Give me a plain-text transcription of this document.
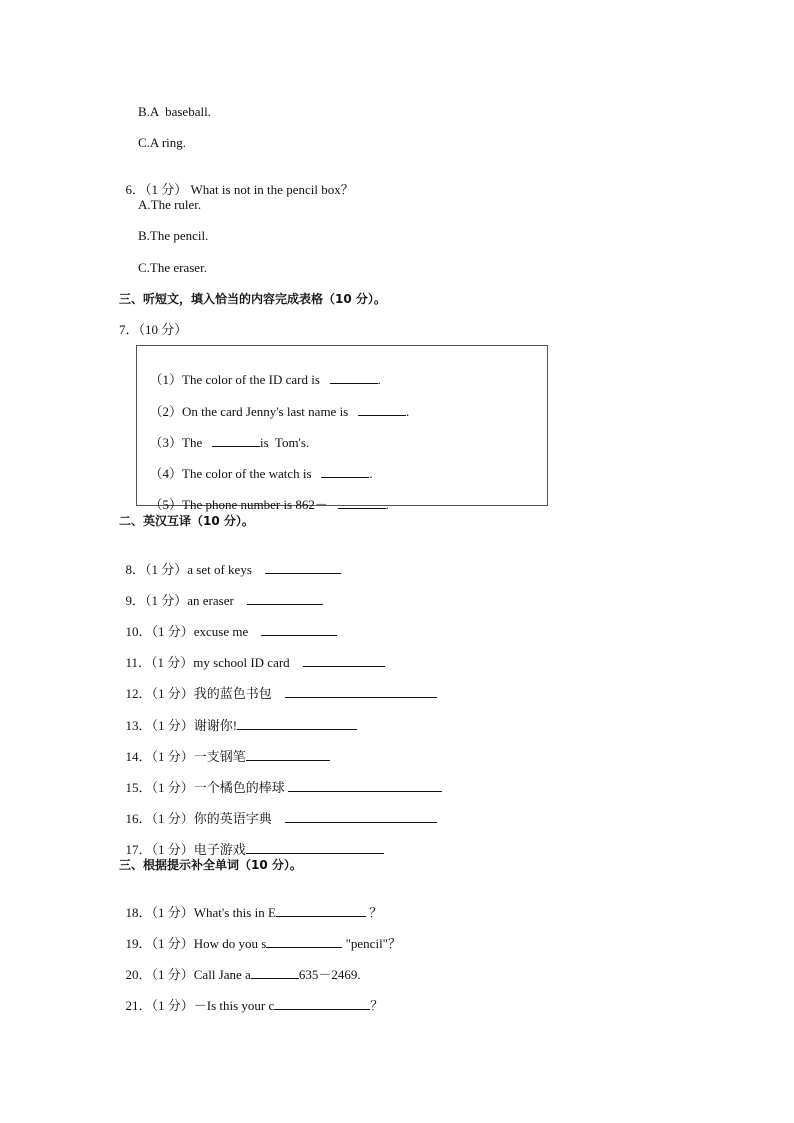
B.A  baseball.
C.A ring.

6．（1 分） What is not in the pencil box？

A.The ruler.
B.The pencil.
C.The eraser.
三、听短文，填入恰当的内容完成表格（10 分）。
7．（10 分）

（1）The color of the ID card is	.

（2）On the card Jenny's last name is	.

（3）The	is  Tom's.

（4）The color of the watch is	.

（5）The phone number is 862－	.

二、英汉互译（10 分）。

8．（1 分）a set of keys

9．（1 分）an eraser

10．（1 分）excuse me

11．（1 分）my school ID card

12．（1 分）我的蓝色书包

13．（1 分）谢谢你!

14．（1 分）一支钢笔

15．（1 分）一个橘色的棒球

16．（1 分）你的英语字典

17．（1 分）电子游戏

三、根据提示补全单词（10 分）。

18．（1 分）What's this in E	？

19．（1 分）How do you s	"pencil"？

20．（1 分）Call Jane a	635－2469.

21．（1 分）－Is this your c	？
